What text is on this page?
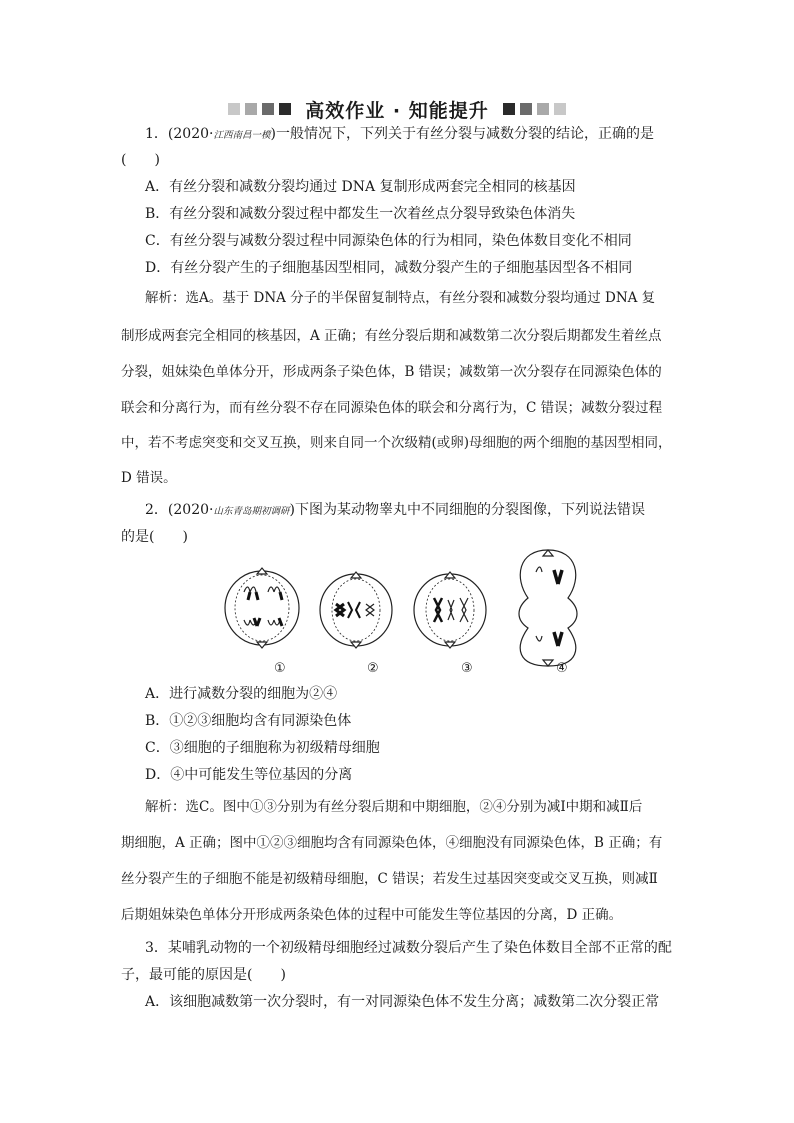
高效作业 · 知能提升
1．(2020·江西南昌一模)一般情况下，下列关于有丝分裂与减数分裂的结论，正确的是
(　　)
A．有丝分裂和减数分裂均通过 DNA 复制形成两套完全相同的核基因
B．有丝分裂和减数分裂过程中都发生一次着丝点分裂导致染色体消失
C．有丝分裂与减数分裂过程中同源染色体的行为相同，染色体数目变化不相同
D．有丝分裂产生的子细胞基因型相同，减数分裂产生的子细胞基因型各不相同
解析：选A。基于 DNA 分子的半保留复制特点，有丝分裂和减数分裂均通过 DNA 复
制形成两套完全相同的核基因，A 正确；有丝分裂后期和减数第二次分裂后期都发生着丝点
分裂，姐妹染色单体分开，形成两条子染色体，B 错误；减数第一次分裂存在同源染色体的
联会和分离行为，而有丝分裂不存在同源染色体的联会和分离行为，C 错误；减数分裂过程
中，若不考虑突变和交叉互换，则来自同一个次级精(或卵)母细胞的两个细胞的基因型相同，
D 错误。
2．(2020·山东青岛期初调研)下图为某动物睾丸中不同细胞的分裂图像，下列说法错误
的是(　　)
①	②	③	④
A．进行减数分裂的细胞为②④
B．①②③细胞均含有同源染色体
C．③细胞的子细胞称为初级精母细胞
D．④中可能发生等位基因的分离
解析：选C。图中①③分别为有丝分裂后期和中期细胞，②④分别为减Ⅰ中期和减Ⅱ后
期细胞，A 正确；图中①②③细胞均含有同源染色体，④细胞没有同源染色体，B 正确；有
丝分裂产生的子细胞不能是初级精母细胞，C 错误；若发生过基因突变或交叉互换，则减Ⅱ
后期姐妹染色单体分开形成两条染色体的过程中可能发生等位基因的分离，D 正确。
3．某哺乳动物的一个初级精母细胞经过减数分裂后产生了染色体数目全部不正常的配
子，最可能的原因是(　　)
A．该细胞减数第一次分裂时，有一对同源染色体不发生分离；减数第二次分裂正常
